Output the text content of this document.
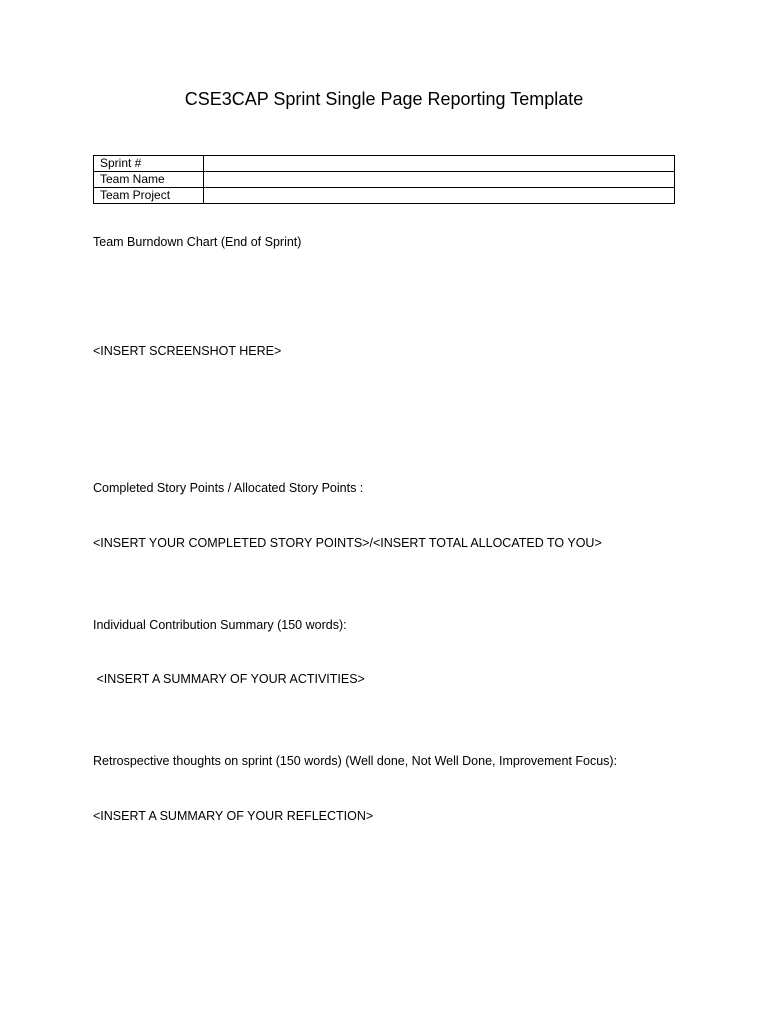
CSE3CAP Sprint Single Page Reporting Template
Sprint #	
Team Name	
Team Project	
Team Burndown Chart (End of Sprint)
<INSERT SCREENSHOT HERE>
Completed Story Points / Allocated Story Points :
<INSERT YOUR COMPLETED STORY POINTS>/<INSERT TOTAL ALLOCATED TO YOU>
Individual Contribution Summary (150 words):
<INSERT A SUMMARY OF YOUR ACTIVITIES>
Retrospective thoughts on sprint (150 words) (Well done, Not Well Done, Improvement Focus):
<INSERT A SUMMARY OF YOUR REFLECTION>
